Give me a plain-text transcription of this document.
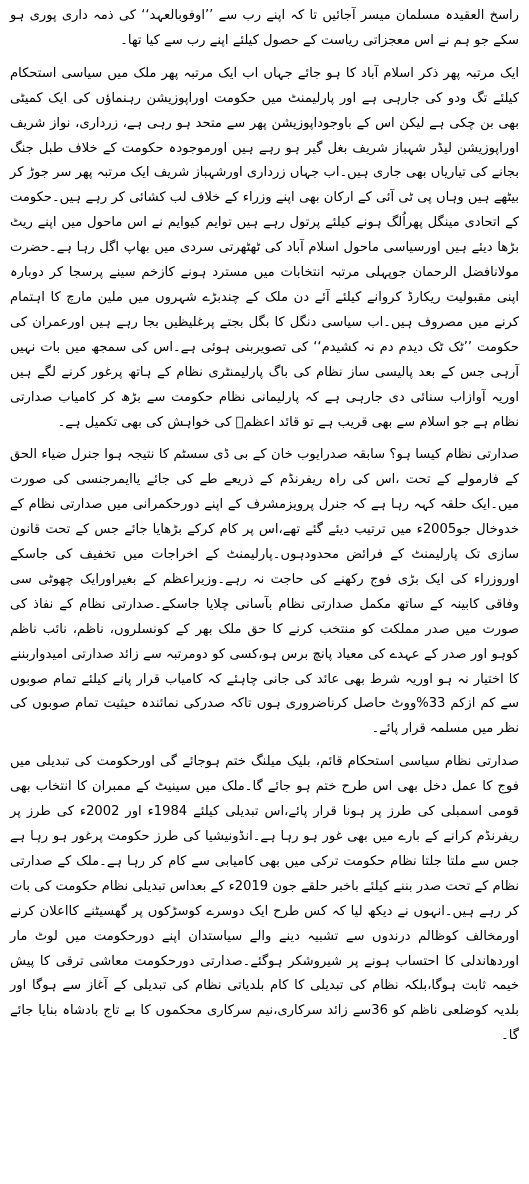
راسخ العقیدہ مسلمان میسر آجائیں تا کہ اپنے رب سے ’’اوفوبالعہد‘‘ کی ذمہ داری پوری ہو سکے جو ہم نے اس معجزاتی ریاست کے حصول کیلئے اپنے رب سے کیا تھا۔

ایک مرتبہ پھر ذکر اسلام آباد کا ہو جائے جہاں اب ایک مرتبہ پھر ملک میں سیاسی استحکام کیلئے تگ ودو کی جارہی ہے اور پارلیمنٹ میں حکومت اوراپوزیشن رہنماؤں کی ایک کمیٹی بھی بن چکی ہے لیکن اس کے باوجوداپوزیشن پھر سے متحد ہو رہی ہے، زرداری، نواز شریف اوراپوزیشن لیڈر شہباز شریف بغل گیر ہو رہے ہیں اورموجودہ حکومت کے خلاف طبل جنگ بجانے کی تیاریاں بھی جاری ہیں۔اب جہاں زرداری اورشہباز شریف ایک مرتبہ پھر سر جوڑ کر بیٹھے ہیں وہاں پی ٹی آئی کے ارکان بھی اپنے وزراء کے خلاف لب کشائی کر رہے ہیں۔حکومت کے اتحادی مینگل پھراُلگ ہونے کیلئے پرتول رہے ہیں توایم کیوایم نے اس ماحول میں اپنے ریٹ بڑھا دیئے ہیں اورسیاسی ماحول اسلام آباد کی ٹھٹھرتی سردی میں بھاپ اگل رہا ہے۔حضرت مولانافضل الرحمان جوپہلی مرتبہ انتخابات میں مسترد ہونے کازخم سینے پرسجا کر دوبارہ اپنی مقبولیت ریکارڈ کروانے کیلئے آئے دن ملک کے چندبڑے شہروں میں ملین مارچ کا اہتمام کرنے میں مصروف ہیں۔اب سیاسی دنگل کا بگل بجتے پرغلیظیں بجا رہے ہیں اورعمران کی حکومت ’’ٹک ٹک دیدم دم نہ کشیدم‘‘ کی تصویربنی ہوئی ہے۔اس کی سمجھ میں بات نہیں آرہی جس کے بعد پالیسی ساز نظام کی باگ پارلیمنٹری نظام کے ہاتھ پرغور کرنے لگے ہیں اوریہ آوازاب سنائی دی جارہی ہے کہ پارلیمانی نظام حکومت سے بڑھ کر کامیاب صدارتی نظام ہے جو اسلام سے بھی قریب ہے تو قائد اعظمؒ کی خواہش کی بھی تکمیل ہے۔

صدارتی نظام کیسا ہو؟ سابقہ صدرایوب خان کے بی ڈی سسٹم کا نتیجہ ہوا جنرل ضیاء الحق کے فارمولے کے تحت ،اس کی راہ ریفرنڈم کے ذریعے طے کی جائے یاایمرجنسی کی صورت میں۔ایک حلقہ کہہ رہا ہے کہ جنرل پرویزمشرف کے اپنے دورحکمرانی میں صدارتی نظام کے خدوخال جو2005ء میں ترتیب دیئے گئے تھے،اس پر کام کرکے بڑھایا جائے جس کے تحت قانون سازی تک پارلیمنٹ کے فرائض محدودہوں۔پارلیمنٹ کے اخراجات میں تخفیف کی جاسکے اوروزراء کی ایک بڑی فوج رکھنے کی حاجت نہ رہے۔وزیراعظم کے بغیراورایک چھوٹی سی وفاقی کابینہ کے ساتھ مکمل صدارتی نظام بآسانی چلایا جاسکے۔صدارتی نظام کے نفاذ کی صورت میں صدر مملکت کو منتخب کرنے کا حق ملک بھر کے کونسلروں، ناظم، نائب ناظم کوہو اور صدر کے عہدے کی معیاد پانچ برس ہو،کسی کو دومرتبہ سے زائد صدارتی امیدواربننے کا اختیار نہ ہو اوریہ شرط بھی عائد کی جانی چاہئے کہ کامیاب قرار پانے کیلئے تمام صوبوں سے کم ازکم 33%ووٹ حاصل کرناضروری ہوں تاکہ صدرکی نمائندہ حیثیت تمام صوبوں کی نظر میں مسلمہ قرار پائے۔

صدارتی نظام سیاسی استحکام قائم، بلیک میلنگ ختم ہوجائے گی اورحکومت کی تبدیلی میں فوج کا عمل دخل بھی اس طرح ختم ہو جائے گا۔ملک میں سینیٹ کے ممبران کا انتخاب بھی قومی اسمبلی کی طرز پر ہونا قرار پائے،اس تبدیلی کیلئے 1984ء اور 2002ء کی طرز پر ریفرنڈم کرانے کے بارے میں بھی غور ہو رہا ہے۔انڈونیشیا کی طرز حکومت پرغور ہو رہا ہے جس سے ملتا جلتا نظام حکومت ترکی میں بھی کامیابی سے کام کر رہا ہے۔ملک کے صدارتی نظام کے تحت صدر بننے کیلئے باخبر حلقے جون 2019ء کے بعداس تبدیلی نظام حکومت کی بات کر رہے ہیں۔انہوں نے دیکھ لیا کہ کس طرح ایک دوسرے کوسڑکوں پر گھسیٹنے کااعلان کرنے اورمخالف کوظالم درندوں سے تشبیہ دینے والے سیاستدان اپنے دورحکومت میں لوٹ مار اوردھاندلی کا احتساب ہونے پر شیروشکر ہوگئے۔صدارتی دورحکومت معاشی ترقی کا پیش خیمہ ثابت ہوگا،بلکہ نظام کی تبدیلی کا کام بلدیاتی نظام کی تبدیلی کے آغاز سے ہوگا اور بلدیہ کوضلعی ناظم کو 36سے زائد سرکاری،نیم سرکاری محکموں کا بے تاج بادشاہ بنایا جائے گا۔
